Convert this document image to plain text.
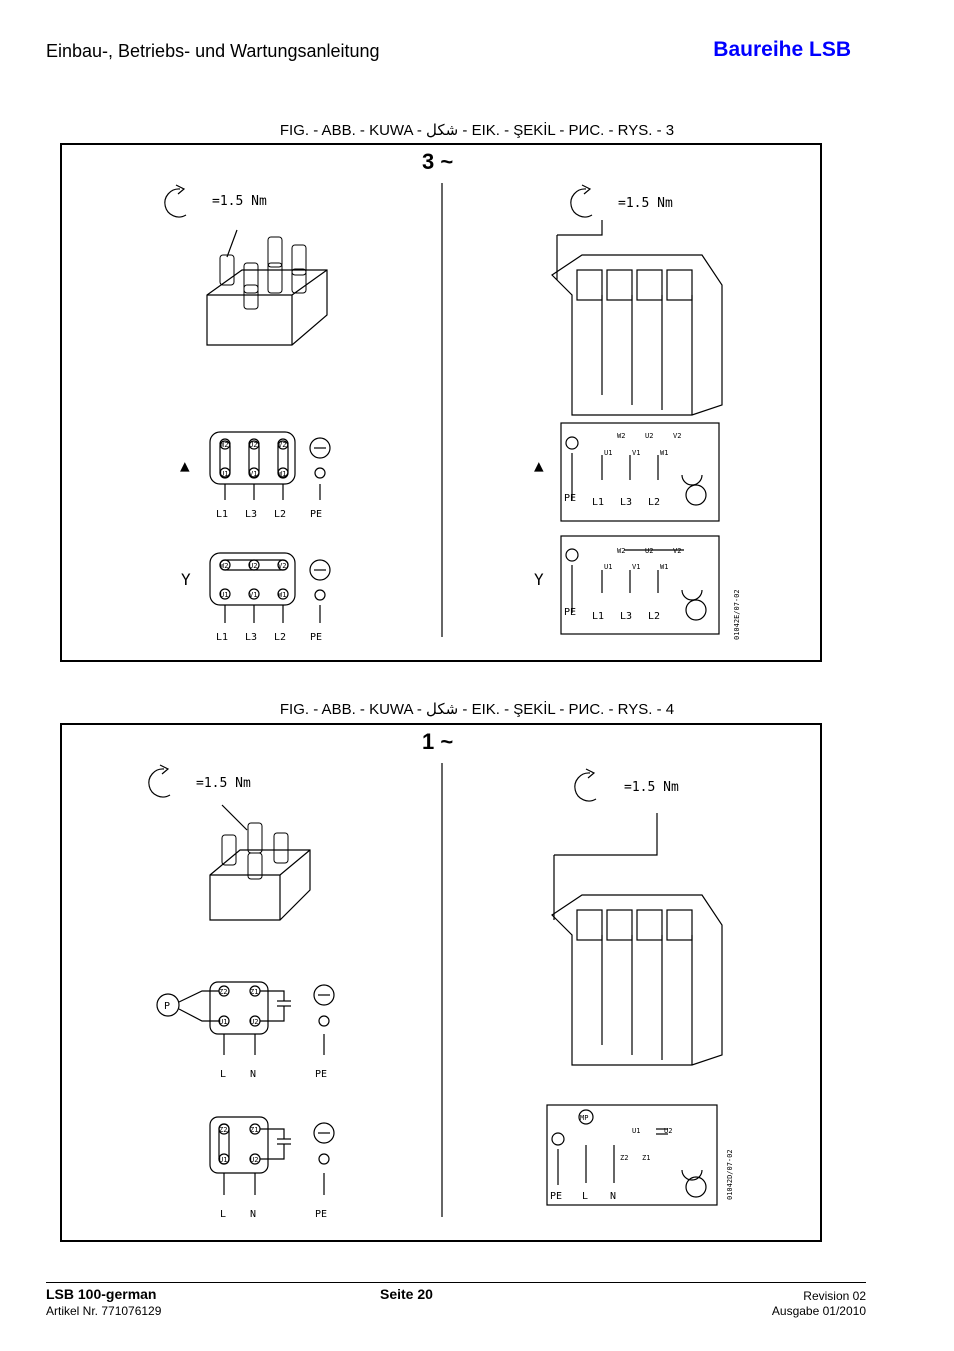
Einbau-, Betriebs- und Wartungsanleitung	Baureihe LSB
FIG. - ABB. - KUWA - شكل - EIK. - ŞEKİL - РИС. - RYS. - 3
3 ~
=1.5 Nm	=1.5 Nm
▲	▲
Y	Y
W2	U2	V2
U1	V1	W1
W2	U2	V2
U1	V1	W1
W2	U2	V2
U1	V1	W1
W2	U2	V2
U1	V1	W1
L1 L3 L2 PE
L1 L3 L2 PE
PE L1 L3 L2
PE L1 L3 L2	01042E/07-02
FIG. - ABB. - KUWA - شكل - EIK. - ŞEKİL - РИС. - RYS. - 4
1 ~
=1.5 Nm	=1.5 Nm
P
Z2	Z1
U1	U2
Z2	Z1
U1	U2
MP
U1	U2
Z2 Z1
L N	PE
L N	PE
PE L N	01042D/07-02
LSB 100-german
Artikel Nr. 771076129
Seite 20	Revision 02
Ausgabe 01/2010
